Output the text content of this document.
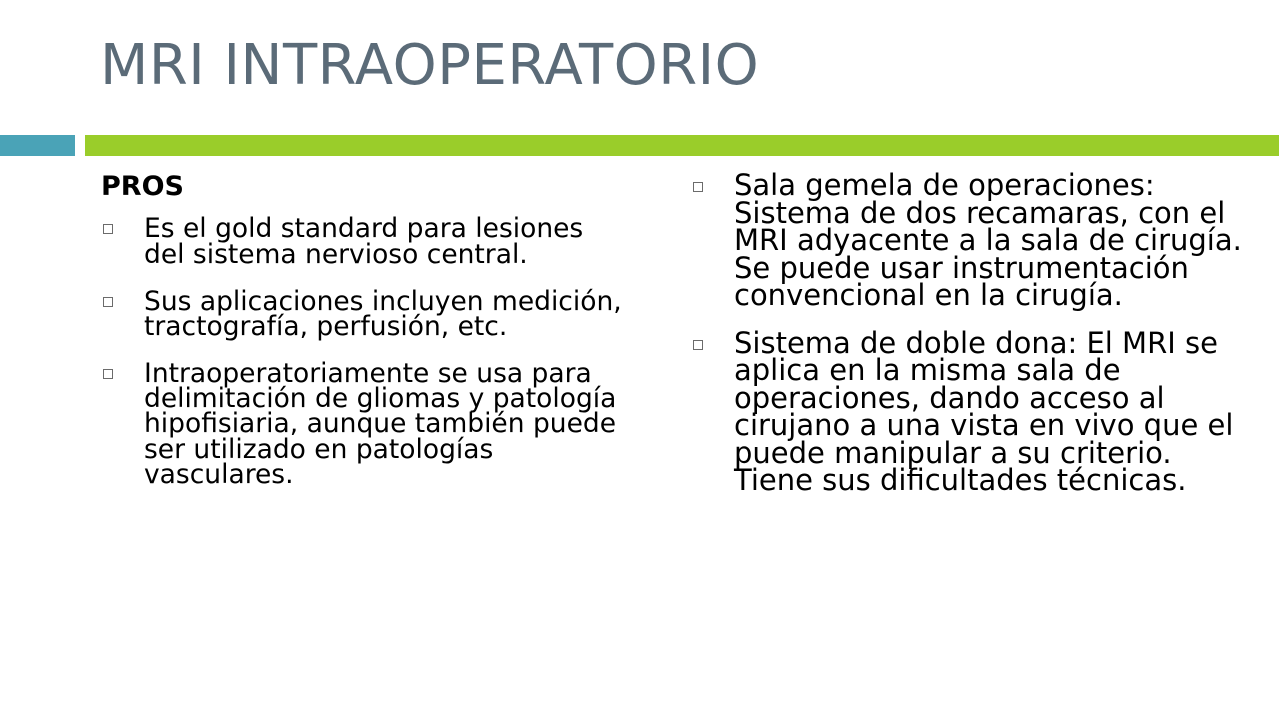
MRI INTRAOPERATORIO
PROS
Es el gold standard para lesiones del sistema nervioso central.
Sus aplicaciones incluyen medición, tractografía, perfusión, etc.
Intraoperatoriamente se usa para delimitación de gliomas y patología hipofisiaria, aunque también puede ser utilizado en patologías vasculares.
Sala gemela de operaciones: Sistema de dos recamaras, con el MRI adyacente a la sala de cirugía. Se puede usar instrumentación convencional en la cirugía.
Sistema de doble dona: El MRI se aplica en la misma sala de operaciones, dando acceso al cirujano a una vista en vivo que el puede manipular a su criterio. Tiene sus dificultades técnicas.
